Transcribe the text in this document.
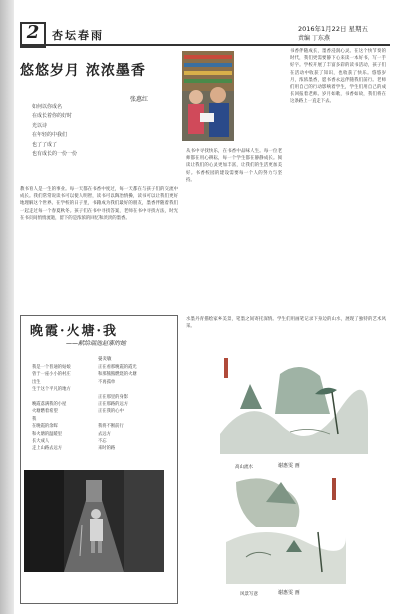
2	杏坛春雨	2016年1月22日 星期五
责编 丁东燕
悠悠岁月 浓浓墨香
张惠红
如何以你成名
在成长着你的好时
光以诗
在年轻的中我们
也了了成了
也有成长的一份一份
教书育人是一生的事业。每一天都在书香中度过，每一天都在与孩子们的交流中成长。我们常常说读书可以使人明智，读书可以陶冶情操，读书可以让我们更好地理解这个世界。在学校的日子里，书籍成为我们最好的朋友，墨香伴随着我们一起走过每一个春夏秋冬。孩子们在书中寻找答案，老师在书中寻找方法，时光在书页间悄悄流逝，留下的是浓浓的回忆和淡淡的墨香。
从书中寻找快乐，在书香中品味人生。每一位老师都在用心耕耘，每一个学生都在静静成长。阅读让我们的心灵更加丰富，让我们的生活更加美好。书香校园的建设需要每一个人的努力与坚持。
书香伴随成长，墨香浸润心灵。在这个快节奏的时代，我们更需要静下心来读一本好书，写一手好字。学校开展了丰富多彩的读书活动，孩子们在活动中收获了知识，也收获了快乐。悠悠岁月，浓浓墨香，愿书香永远伴随我们前行。老师们用自己的行动影响着学生，学生们用自己的成长回报着老师。岁月如歌，书香如故，我们将在这条路上一直走下去。
晚霞·火塘·我
——献给瑞池赵寨的她
晏炎敏
我是一个普通的姑娘
曾于一座小小的村庄
出生
生于这个平凡的地方
晚霞落满我的小屋
火塘燃着希望
我
在晚霞的余晖
和火塘的温暖里
长大成人
走上山路去远方
正在看那晚霞的霞光
和那熊熊燃烧的火塘
不再孤单
正在那里的身影
正在那路的远方
正在我的心中
我将不断前行
去远方
不忘
来时的路
水墨丹青描绘家乡美景，笔墨之间寄托深情。学生们用画笔记录下身边的山水，展现了独特的艺术风采。
高山流水	谢惠雯 画
风景写意	谢惠雯 画
